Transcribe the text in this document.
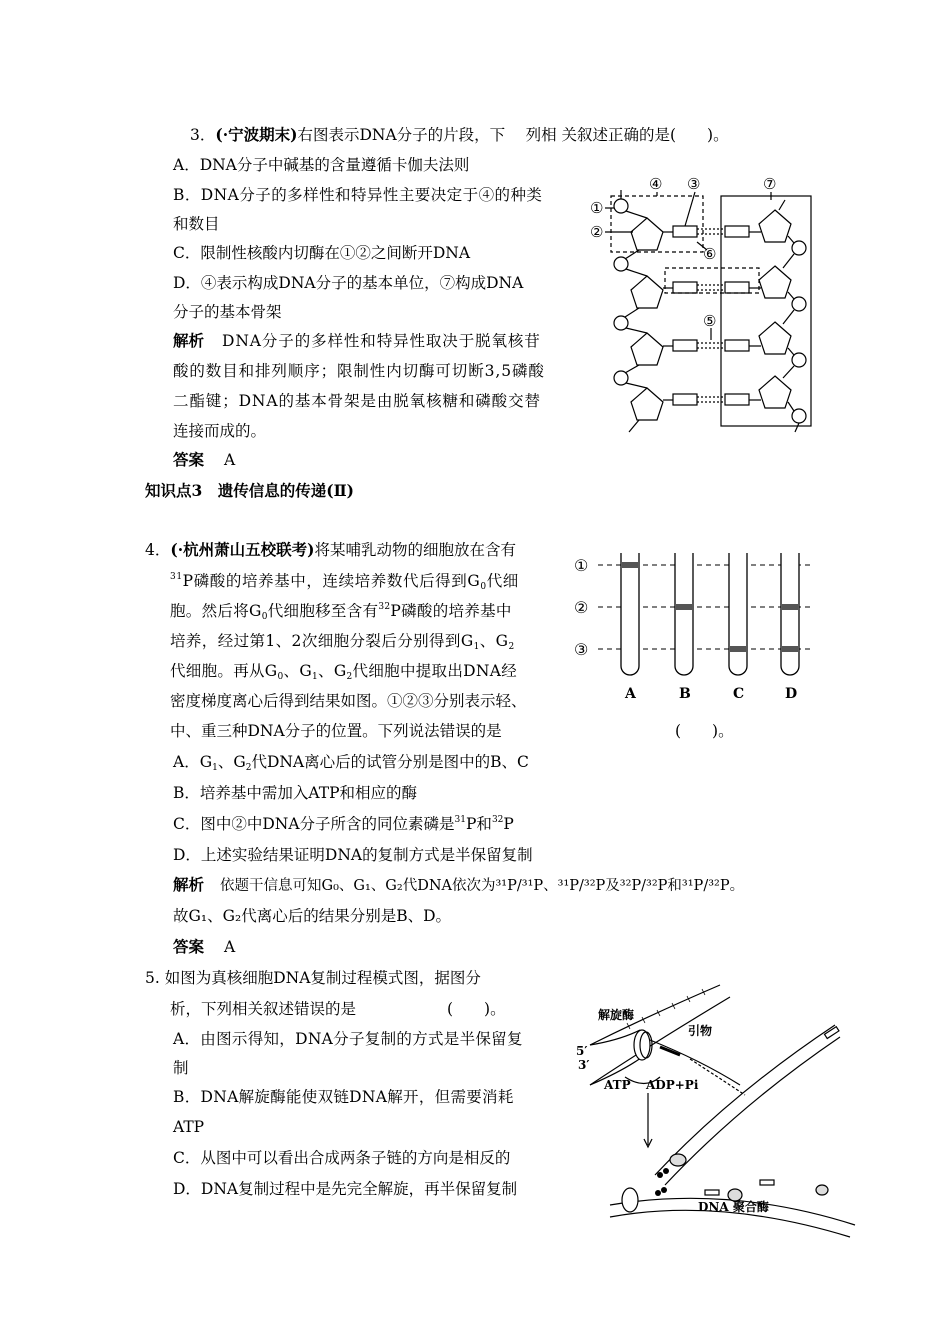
3．(·宁波期末)右图表示DNA分子的片段，下　 列相 关叙述正确的是(　　)。
A．DNA分子中碱基的含量遵循卡伽夫法则
B．DNA分子的多样性和特异性主要决定于④的种类
和数目
C．限制性核酸内切酶在①②之间断开DNA
D．④表示构成DNA分子的基本单位，⑦构成DNA
分子的基本骨架
解析 DNA分子的多样性和特异性取决于脱氧核苷
酸的数目和排列顺序；限制性内切酶可切断3,5磷酸
二酯键；DNA的基本骨架是由脱氧核糖和磷酸交替
连接而成的。
答案 A
④ ③	⑦
①
②
⑥
⑤
知识点3　遗传信息的传递(Ⅱ)
4．(·杭州萧山五校联考)将某哺乳动物的细胞放在含有
$^{31}$P磷酸的培养基中，连续培养数代后得到$G_0$代细
胞。然后将$G_0$代细胞移至含有$^{32}$P磷酸的培养基中
培养，经过第1、2次细胞分裂后分别得到$G_1$、$G_2$
代细胞。再从$G_0$、$G_1$、$G_2$代细胞中提取出DNA经
密度梯度离心后得到结果如图。①②③分别表示轻、
中、重三种DNA分子的位置。下列说法错误的是	(　　)。
A．$G_1$、$G_2$代DNA离心后的试管分别是图中的B、C
B．培养基中需加入ATP和相应的酶
C．图中②中DNA分子所含的同位素磷是$^{31}$P和$^{32}$P
D．上述实验结果证明DNA的复制方式是半保留复制
解析 依题干信息可知G₀、G₁、G₂代DNA依次为³¹P/³¹P、³¹P/³²P及³²P/³²P和³¹P/³²P。
故G₁、G₂代离心后的结果分别是B、D。
答案 A
①
②
③
A	B	C	D
5. 如图为真核细胞DNA复制过程模式图，据图分
析，下列相关叙述错误的是	(　　)。
A．由图示得知，DNA分子复制的方式是半保留复
制
B．DNA解旋酶能使双链DNA解开，但需要消耗
ATP
C．从图中可以看出合成两条子链的方向是相反的
D．DNA复制过程中是先完全解旋，再半保留复制
解旋酶
引物
5′
3′
ATP ADP+Pi
DNA 聚合酶
